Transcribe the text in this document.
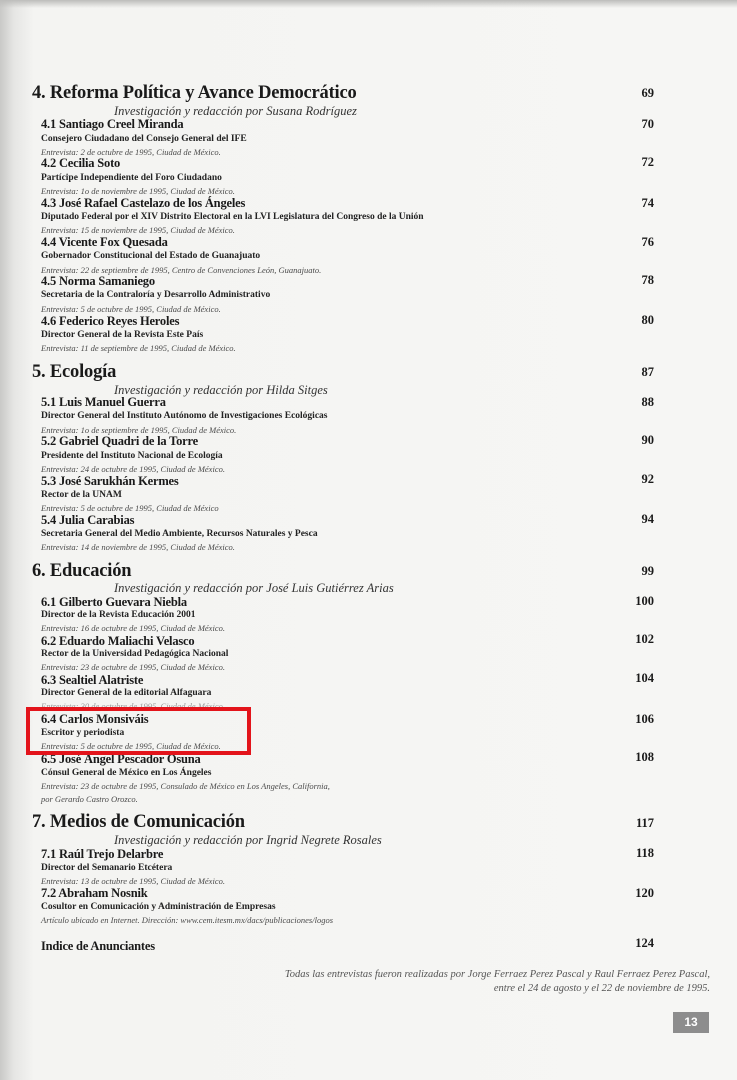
4. Reforma Política y Avance Democrático	69
Investigación y redacción por Susana Rodríguez
4.1 Santiago Creel Miranda	70
Consejero Ciudadano del Consejo General del IFE
Entrevista: 2 de octubre de 1995, Ciudad de México.
4.2 Cecilia Soto	72
Partícipe Independiente del Foro Ciudadano
Entrevista: 1o de noviembre de 1995, Ciudad de México.
4.3 José Rafael Castelazo de los Ángeles	74
Diputado Federal por el XIV Distrito Electoral en la LVI Legislatura del Congreso de la Unión
Entrevista: 15 de noviembre de 1995, Ciudad de México.
4.4 Vicente Fox Quesada	76
Gobernador Constitucional del Estado de Guanajuato
Entrevista: 22 de septiembre de 1995, Centro de Convenciones León, Guanajuato.
4.5 Norma Samaniego	78
Secretaria de la Contraloría y Desarrollo Administrativo
Entrevista: 5 de octubre de 1995, Ciudad de México.
4.6 Federico Reyes Heroles	80
Director General de la Revista Este País
Entrevista: 11 de septiembre de 1995, Ciudad de México.
5. Ecología	87
Investigación y redacción por Hilda Sitges
5.1 Luis Manuel Guerra	88
Director General del Instituto Autónomo de Investigaciones Ecológicas
Entrevista: 1o de septiembre de 1995, Ciudad de México.
5.2 Gabriel Quadri de la Torre	90
Presidente del Instituto Nacional de Ecología
Entrevista: 24 de octubre de 1995, Ciudad de México.
5.3 José Sarukhán Kermes	92
Rector de la UNAM
Entrevista: 5 de octubre de 1995, Ciudad de México
5.4 Julia Carabias	94
Secretaria General del Medio Ambiente, Recursos Naturales y Pesca
Entrevista: 14 de noviembre de 1995, Ciudad de México.
6. Educación	99
Investigación y redacción por José Luis Gutiérrez Arias
6.1 Gilberto Guevara Niebla	100
Director de la Revista Educación 2001
Entrevista: 16 de octubre de 1995, Ciudad de México.
6.2 Eduardo Maliachi Velasco	102
Rector de la Universidad Pedagógica Nacional
Entrevista: 23 de octubre de 1995, Ciudad de México.
6.3 Sealtiel Alatriste	104
Director General de la editorial Alfaguara
Entrevista: 30 de octubre de 1995, Ciudad de México.
6.4 Carlos Monsiváis	106
Escritor y periodista
Entrevista: 5 de octubre de 1995, Ciudad de México.
6.5 José Ángel Pescador Osuna	108
Cónsul General de México en Los Ángeles
Entrevista: 23 de octubre de 1995, Consulado de México en Los Angeles, California,
por Gerardo Castro Orozco.
7. Medios de Comunicación	117
Investigación y redacción por Ingrid Negrete Rosales
7.1 Raúl Trejo Delarbre	118
Director del Semanario Etcétera
Entrevista: 13 de octubre de 1995, Ciudad de México.
7.2 Abraham Nosnik	120
Cosultor en Comunicación y Administración de Empresas
Artículo ubicado en Internet. Dirección: www.cem.itesm.mx/dacs/publicaciones/logos
Indice de Anunciantes	124
Todas las entrevistas fueron realizadas por Jorge Ferraez Perez Pascal y Raul Ferraez Perez Pascal,
entre el 24 de agosto y el 22 de noviembre de 1995.
13
